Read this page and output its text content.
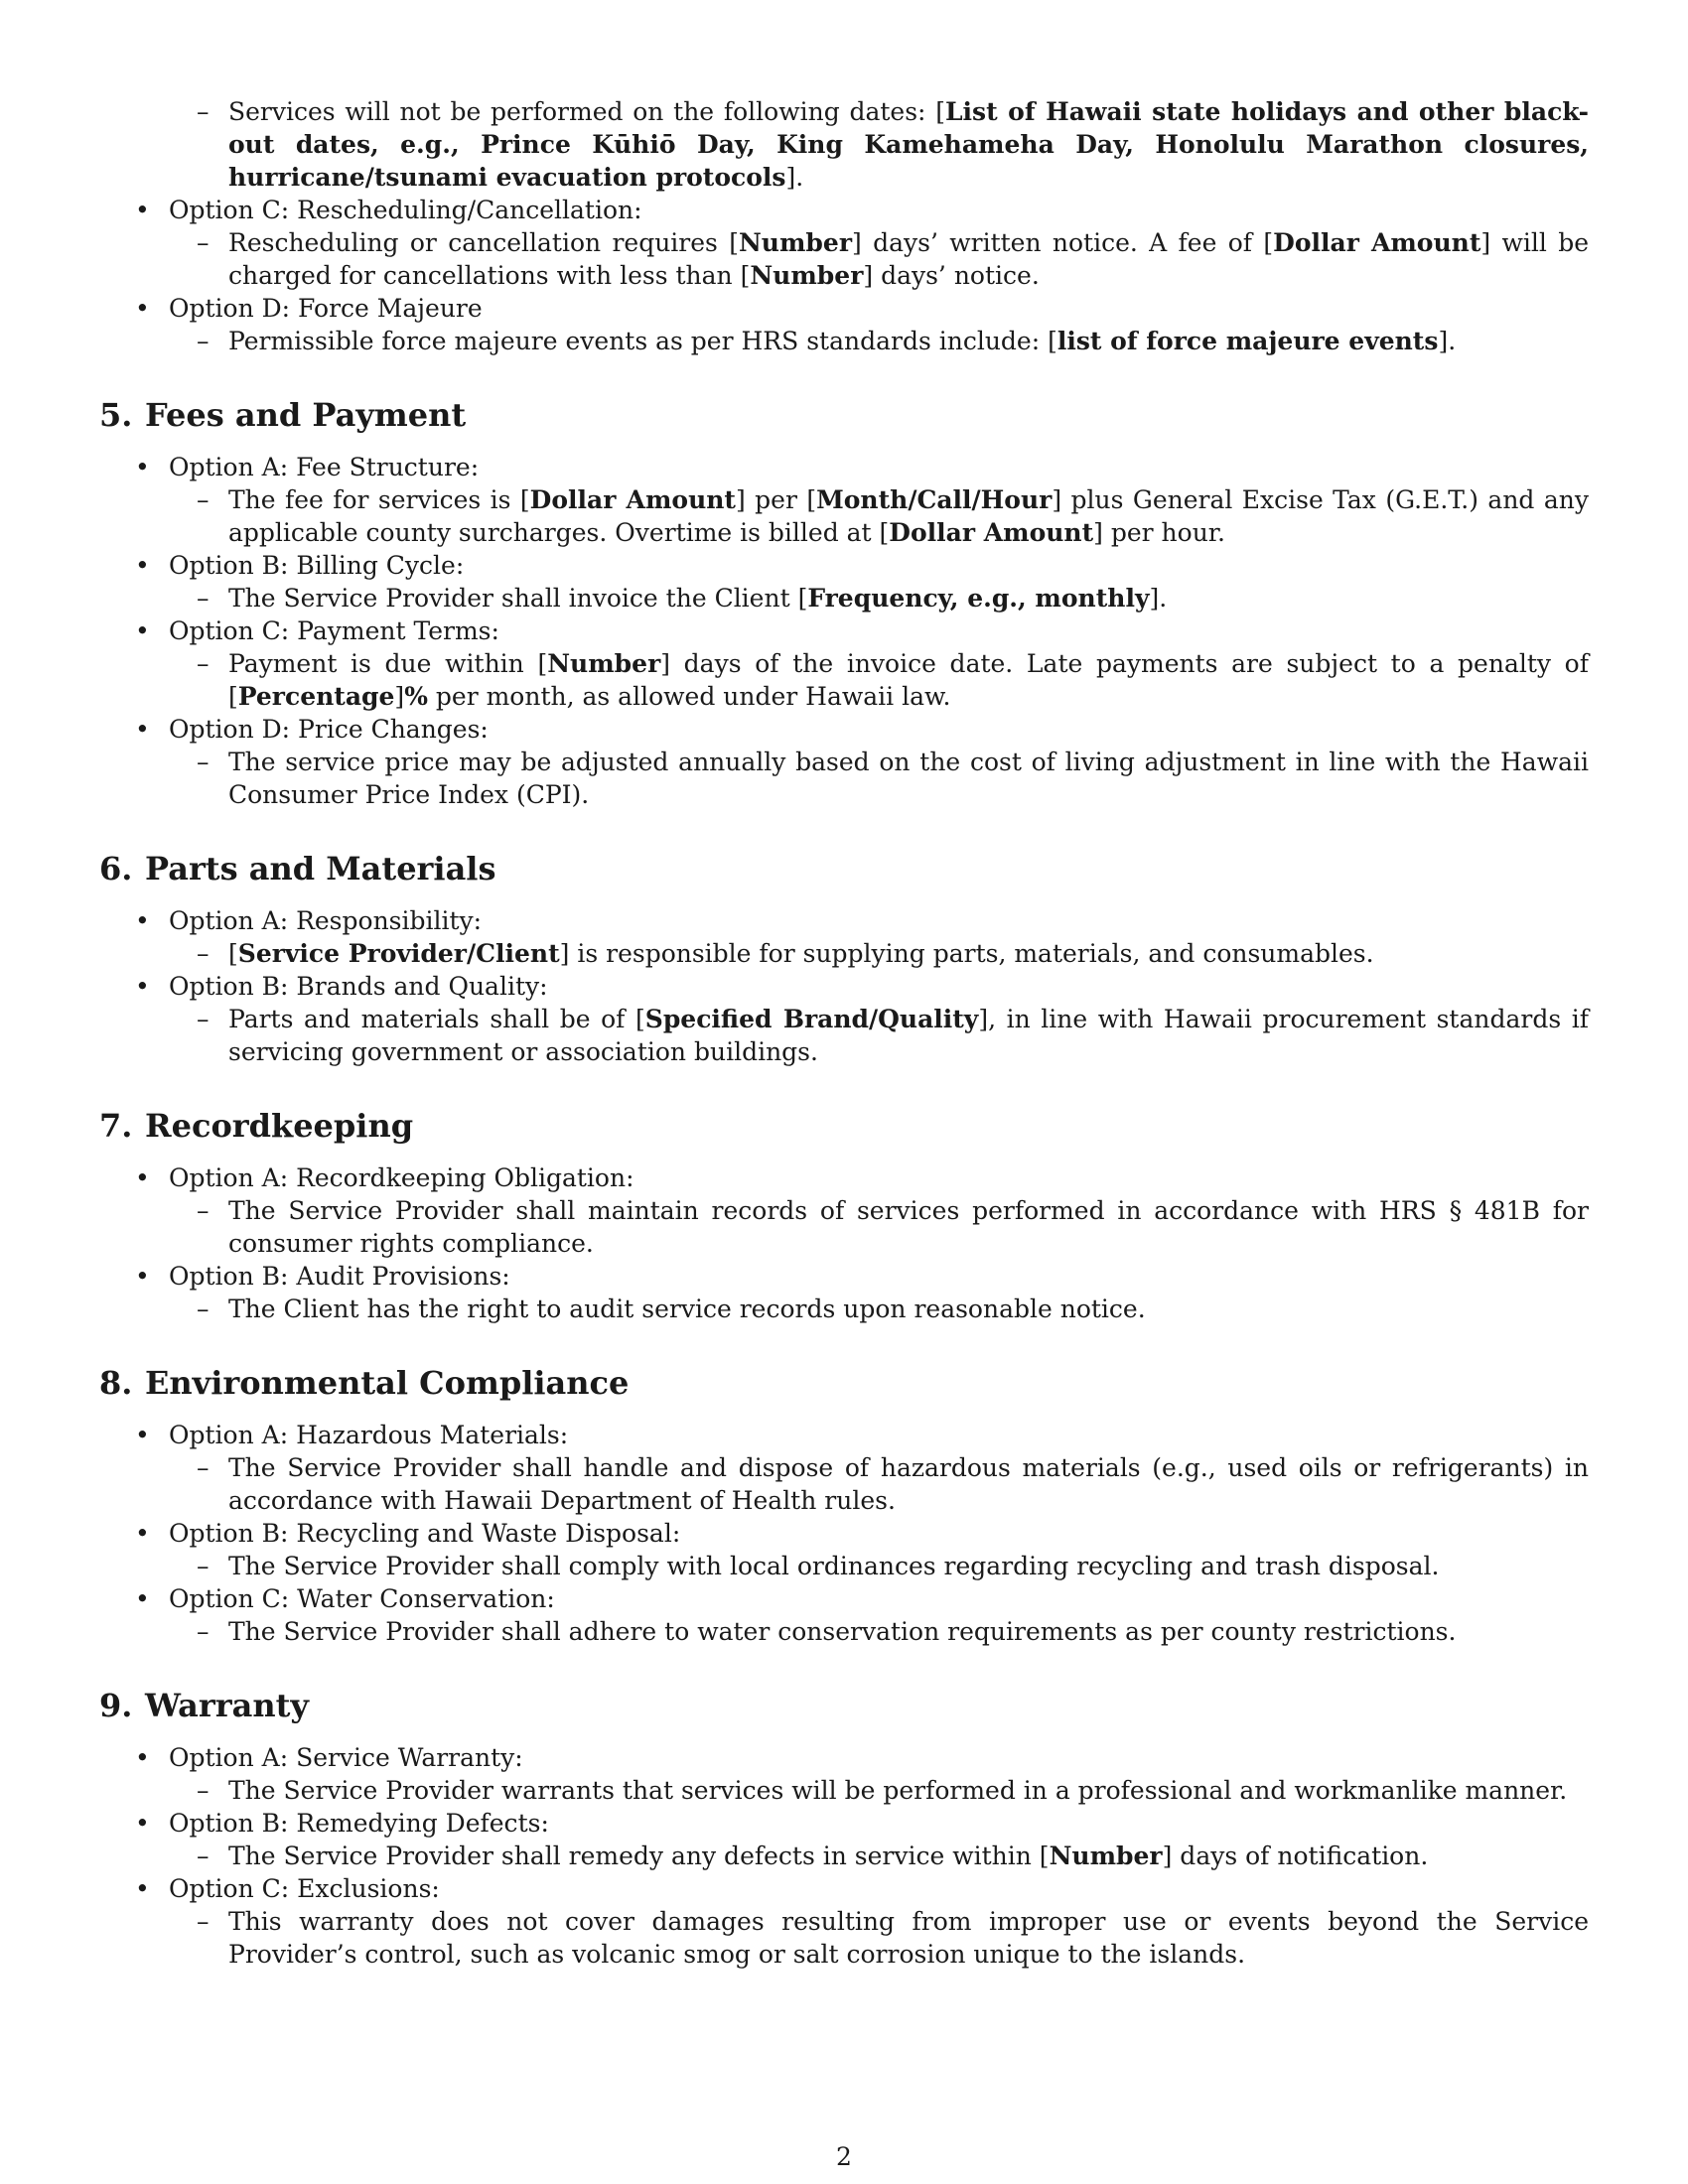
– Services will not be performed on the following dates: [List of Hawaii state holidays and other black-out dates, e.g., Prince Kūhiō Day, King Kamehameha Day, Honolulu Marathon closures, hurricane/tsunami evacuation protocols].
• Option C: Rescheduling/Cancellation:
– Rescheduling or cancellation requires [Number] days’ written notice. A fee of [Dollar Amount] will be charged for cancellations with less than [Number] days’ notice.
• Option D: Force Majeure
– Permissible force majeure events as per HRS standards include: [list of force majeure events].
5. Fees and Payment
• Option A: Fee Structure:
– The fee for services is [Dollar Amount] per [Month/Call/Hour] plus General Excise Tax (G.E.T.) and any applicable county surcharges. Overtime is billed at [Dollar Amount] per hour.
• Option B: Billing Cycle:
– The Service Provider shall invoice the Client [Frequency, e.g., monthly].
• Option C: Payment Terms:
– Payment is due within [Number] days of the invoice date. Late payments are subject to a penalty of [Percentage]% per month, as allowed under Hawaii law.
• Option D: Price Changes:
– The service price may be adjusted annually based on the cost of living adjustment in line with the Hawaii Consumer Price Index (CPI).
6. Parts and Materials
• Option A: Responsibility:
– [Service Provider/Client] is responsible for supplying parts, materials, and consumables.
• Option B: Brands and Quality:
– Parts and materials shall be of [Specified Brand/Quality], in line with Hawaii procurement standards if servicing government or association buildings.
7. Recordkeeping
• Option A: Recordkeeping Obligation:
– The Service Provider shall maintain records of services performed in accordance with HRS § 481B for consumer rights compliance.
• Option B: Audit Provisions:
– The Client has the right to audit service records upon reasonable notice.
8. Environmental Compliance
• Option A: Hazardous Materials:
– The Service Provider shall handle and dispose of hazardous materials (e.g., used oils or refrigerants) in accordance with Hawaii Department of Health rules.
• Option B: Recycling and Waste Disposal:
– The Service Provider shall comply with local ordinances regarding recycling and trash disposal.
• Option C: Water Conservation:
– The Service Provider shall adhere to water conservation requirements as per county restrictions.
9. Warranty
• Option A: Service Warranty:
– The Service Provider warrants that services will be performed in a professional and workmanlike manner.
• Option B: Remedying Defects:
– The Service Provider shall remedy any defects in service within [Number] days of notification.
• Option C: Exclusions:
– This warranty does not cover damages resulting from improper use or events beyond the Service Provider’s control, such as volcanic smog or salt corrosion unique to the islands.
2
